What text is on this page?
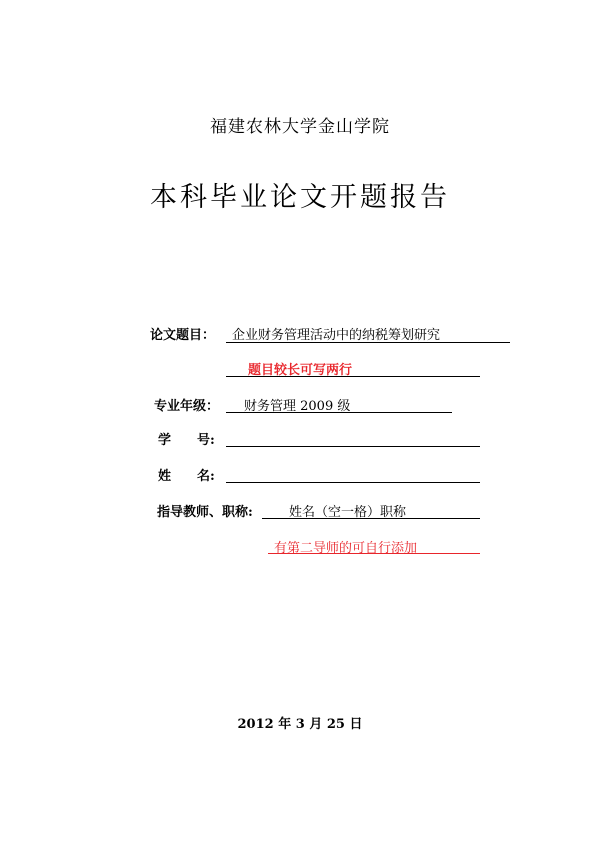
福建农林大学金山学院
本科毕业论文开题报告
论文题目： 企业财务管理活动中的纳税筹划研究
题目较长可写两行
专业年级： 财务管理 2009 级
学　　号:
姓　　名:
指导教师、职称:	姓名（空一格）职称
有第二导师的可自行添加
2012 年 3 月 25 日
